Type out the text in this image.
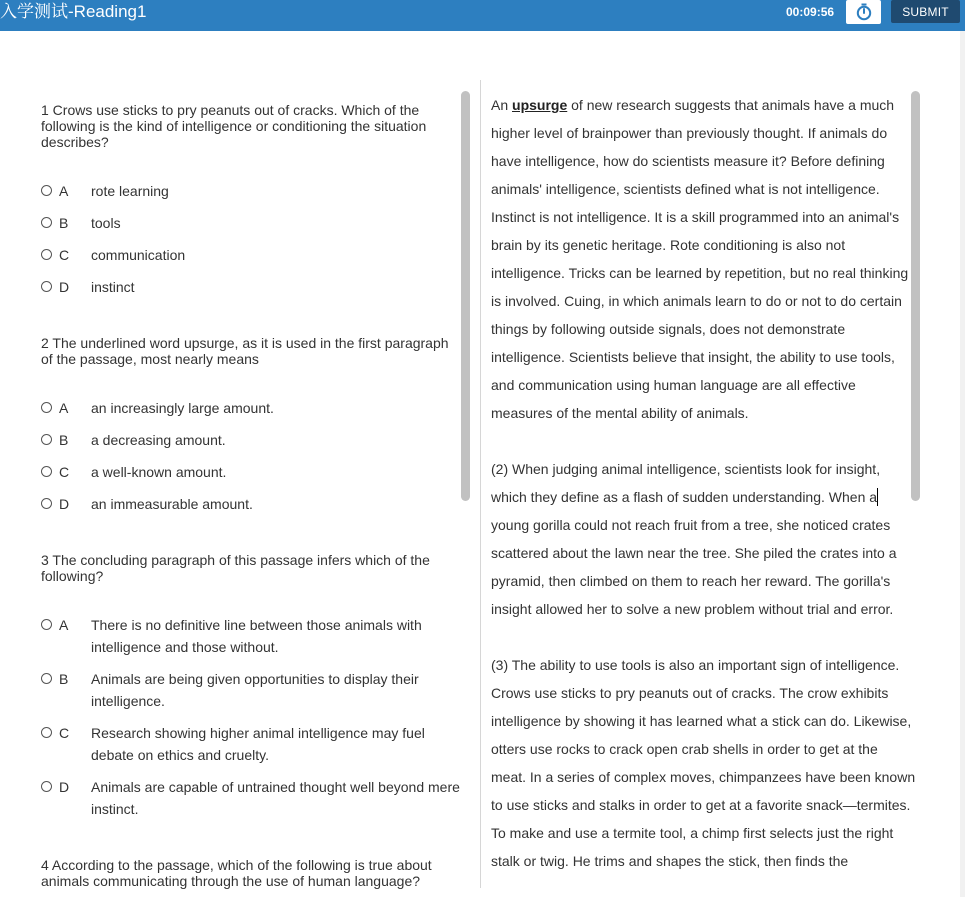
入学测试-Reading1	00:09:56	SUBMIT

1 Crows use sticks to pry peanuts out of cracks. Which of the following is the kind of intelligence or conditioning the situation describes?

A rote learning
B tools
C communication
D instinct

2 The underlined word upsurge, as it is used in the first paragraph of the passage, most nearly means

A an increasingly large amount.
B a decreasing amount.
C a well-known amount.
D an immeasurable amount.

3 The concluding paragraph of this passage infers which of the following?

A There is no definitive line between those animals with intelligence and those without.
B Animals are being given opportunities to display their intelligence.
C Research showing higher animal intelligence may fuel debate on ethics and cruelty.
D Animals are capable of untrained thought well beyond mere instinct.

4 According to the passage, which of the following is true about animals communicating through the use of human language?

An upsurge of new research suggests that animals have a much higher level of brainpower than previously thought. If animals do have intelligence, how do scientists measure it? Before defining animals' intelligence, scientists defined what is not intelligence. Instinct is not intelligence. It is a skill programmed into an animal's brain by its genetic heritage. Rote conditioning is also not intelligence. Tricks can be learned by repetition, but no real thinking is involved. Cuing, in which animals learn to do or not to do certain things by following outside signals, does not demonstrate intelligence. Scientists believe that insight, the ability to use tools, and communication using human language are all effective measures of the mental ability of animals.

(2) When judging animal intelligence, scientists look for insight, which they define as a flash of sudden understanding. When a young gorilla could not reach fruit from a tree, she noticed crates scattered about the lawn near the tree. She piled the crates into a pyramid, then climbed on them to reach her reward. The gorilla's insight allowed her to solve a new problem without trial and error.

(3) The ability to use tools is also an important sign of intelligence. Crows use sticks to pry peanuts out of cracks. The crow exhibits intelligence by showing it has learned what a stick can do. Likewise, otters use rocks to crack open crab shells in order to get at the meat. In a series of complex moves, chimpanzees have been known to use sticks and stalks in order to get at a favorite snack—termites. To make and use a termite tool, a chimp first selects just the right stalk or twig. He trims and shapes the stick, then finds the
